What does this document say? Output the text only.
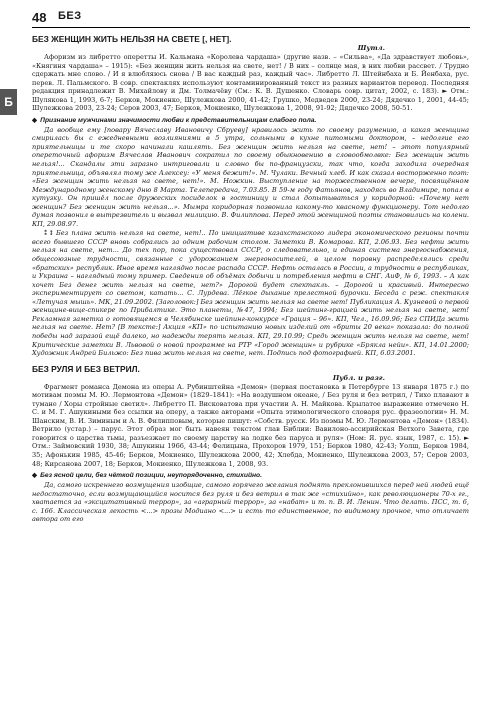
48 БЕЗ
Б
БЕЗ ЖЕНЩИН ЖИТЬ НЕЛЬЗЯ НА СВЕТЕ [, НЕТ].
Шутл.

Афоризм из либретто оперетты И. Кальмана «Королева чардаша» (другие назв. – «Сильва», «Да здравствует любовь», «Княгиня чардаша» – 1915): «Без женщин жить нельзя на свете, нет! / В них – солнце мая, в них любви рассвет. / Трудно сдержать мне слово. / И я влюбляюсь снова / В вас каждый раз, каждый час». Либретто Л. Штейнбаха и Б. Йенбаха, рус. перев. Л. Пальмского. В совр. спектаклях используют контаминированный текст из разных вариантов перевод. Последняя редакция принадлежит В. Михайлову и Дм. Толмачёву (См.: К. В. Душенко. Словарь совр. цитат, 2002, с. 183). ► Отм.: Шуляковa 1, 1993, 6-7; Берков, Мокиенко, Шулежкова 2000, 41-42; Грушко, Медведев 2000, 23-24; Дядечко 1, 2001, 44-45; Шулежкова 2003, 23-24; Серов 2003, 47; Берков, Мокиенко, Шулежкова 1, 2008, 91-92; Дядечко 2008, 50-51.

◆ Признание мужчинами значимости любви к представительницам слабого пола.

Да вообще ему [повару Вячеславу Ивановичу Сбруеву] нравилось жить по своему разумению, а какая женщина смирилась бы с ежедневными возлияниями в 5 утра, сольными в кухне питомыми доктором, – недолгие его приятельницы и те скоро начинали кашлять. Без женщин жить нельзя на свете, нет! – этот популярный опереточный афоризм Вячеслав Иванович сократил по своему обыкновению в словообмолвке: Без женщин жить нельзя!... Скандалы эти заразно интриговали и словно бы по-французски, так что, когда заходила очередная приятельница, объявлял тому же Алексеу: «У меня бежит!». М. Чулаки. Вечный хлеб. И как сказал восторженно поэт: «Без женщин жить нельзя на свете, нет!». М. Ножкин. Выступление на торжественном вечере, посвящённом Международному женскому дню 8 Марта. Телепередача, 7.03.85. В 59-м году Фатьянов, находясь во Владимире, попал в кутузку. Он пришёл после дружеских посиделок в гостиницу и стал допытываться у коридорной: «Почему нет женщин? Без женщин жить нельзя...». Мымра коридорная позвонила какому-то квасному функционеру. Тот недолго думая позвонил в вытрезвитель и вызвал милицию. В. Филиппова. Перед этой женщиной поэты становились на колени. КП, 29.08.97.

⁑↕ Без плана жить нельзя на свете, нет!.. По инициативе казахстанского лидера экономического регионы почти всего бывшего СССР вновь собрались за одним рабочим столом. Заметки В. Комарова. КП, 2.06.93. Без нефти жить нельзя на свете, нет... До тех пор, пока существовал СССР, о следовательно, и единая система энергоснабжения, общесоюзные трудности, связанные с удорожанием энергоносителей, в целом поровну распределялись среди «братских» республик. Иное время наглядно после распада СССР. Нефть осталась в России, а трудности в республиках, и Украина – наглядный тому пример. Сведения об объёмах добычи и потребления нефти в СНГ. АиФ, № 6, 1993. – А как хочет Без денег жить нельзя на свете, нет?» Дорогой будет спектакль. – Дорогой и красивый. Интересно экспериментирует со светом, катать... С. Лурдева. Лёгкое дыхание прелестной бурочки. Беседа с реж. спектакля «Летучая мышь». МК, 21.09.2002. [Заголовок:] Без женщин жить нельзя на свете нет! Публикация А. Кузневой о первой женщине-вице-спикере по Прибалтике. Это планеты, №47, 1994; Без шейпинг-грацией жить нельзя на свете, нет! Рекламная заметка о готовящемся в Челябинске шейпинг-конкурсе «Грация – 96». КП, Чел., 16.09.96; Без СПИДа жить нельзя на свете. Нет? [В тексте:] Акция «КП» по испытанию новых изделий от «бриты 20 века» показала: до полной победы над заразой ещё далеко, но надежды терять нельзя. КП, 29.10.99; Средь женщин жить нельзя на свете, нет! Критические заметки В. Львовой о новой программе на РТР «Город женщин» и рубрике «Брякла нейи». КП, 14.01.2000; Художник Андрей Бильжо: Без пива жить нельзя на свете, нет. Подпись под фотографией. КП, 6.03.2001.

БЕЗ РУЛЯ И БЕЗ ВЕТРИЛ.
Публ. и разг.

Фрагмент романса Демона из оперы А. Рубинштейна «Демон» (первая постановка в Петербурге 13 января 1875 г.) по мотивам поэмы М. Ю. Лермонтова «Демон» (1829–1841): «На воздушном океане, / Без руля и без ветрил, / Тихо плавают в тумане / Хоры стройные светил». Либретто П. Висковатова при участии А. Н. Майкова. Крылатое выражение отмечено Н. С. и М. Г. Ашукиными без ссылки на оперу, а также авторами «Опыта этимологического словаря рус. фразеологии» Н. М. Шанским, В. И. Зиминым и А. В. Филипповым, которые пишут: «Собств. русск. Из поэмы М. Ю. Лермонтова «Демон» (1834). Ветрило (устар.) – парус. Этот образ мог быть навеян текстом глав Библии: Вавилоно-ассирийская Ветхого Завета, где говорится о царства тьмы, разъезжает по своему царству на лодке без паруса и руля» (Ном: Я. рус. язык, 1987, с. 15). ► Отм.: Займовский 1930, 38; Ашукины 1966, 43-44; Фелицына, Прохоров 1979, 151; Берков 1980, 42-43; Уолш, Берков 1984, 35; Афонькин 1985, 45-46; Берков, Мокиенко, Шулежкова 2000, 42; Хлебда, Мокиенко, Шулежкова 2003, 57; Серов 2003, 48; Кирсанова 2007, 18; Берков, Мокиенко, Шулежкова 1, 2008, 93.

◆ Без ясной цели, без чёткой позиции, неупорядоченно, стихийно.

Да, самого искреннего возмущения изобщие, самого горячего желания поднять преклонившихся перед ней людей ещё недостаточно, если возмущающийся носится без руля и без ветрил в так же «стихийно», как революционеры 70-х гг., хватается за «эксцитативный террор», за «аграрный террор», за «набат» и т. п. В. И. Ленин. Что делать. ПСС, т. 6, с. 166. Классическая лекость <...> прозы Модиано <...> и есть то единственное, по видимому прочное, что отличает автора от его
